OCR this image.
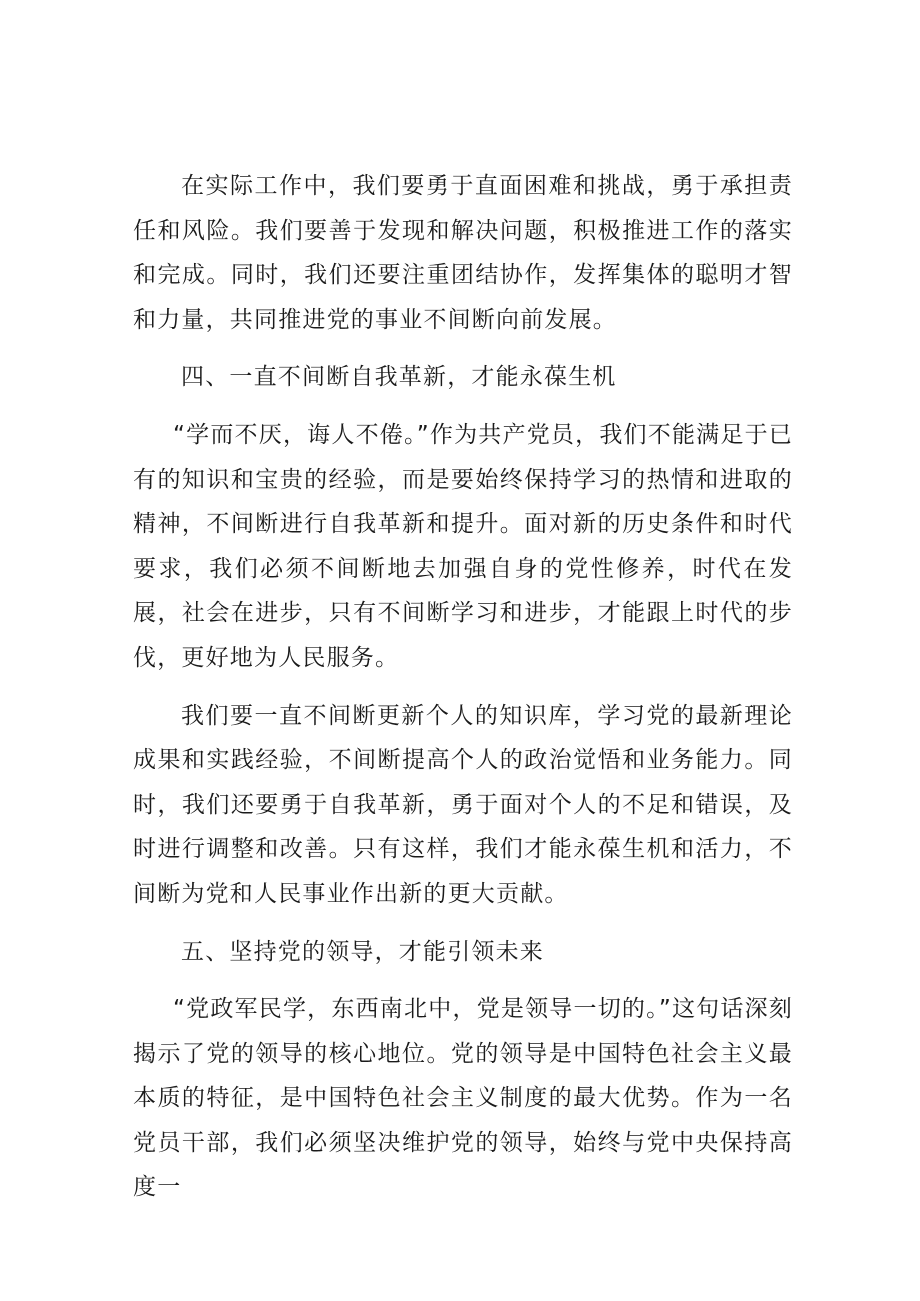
在实际工作中，我们要勇于直面困难和挑战，勇于承担责任和风险。我们要善于发现和解决问题，积极推进工作的落实和完成。同时，我们还要注重团结协作，发挥集体的聪明才智和力量，共同推进党的事业不间断向前发展。

四、一直不间断自我革新，才能永葆生机

“学而不厌，诲人不倦。”作为共产党员，我们不能满足于已有的知识和宝贵的经验，而是要始终保持学习的热情和进取的精神，不间断进行自我革新和提升。面对新的历史条件和时代要求，我们必须不间断地去加强自身的党性修养，时代在发展，社会在进步，只有不间断学习和进步，才能跟上时代的步伐，更好地为人民服务。

我们要一直不间断更新个人的知识库，学习党的最新理论成果和实践经验，不间断提高个人的政治觉悟和业务能力。同时，我们还要勇于自我革新，勇于面对个人的不足和错误，及时进行调整和改善。只有这样，我们才能永葆生机和活力，不间断为党和人民事业作出新的更大贡献。

五、坚持党的领导，才能引领未来

“党政军民学，东西南北中，党是领导一切的。”这句话深刻揭示了党的领导的核心地位。党的领导是中国特色社会主义最本质的特征，是中国特色社会主义制度的最大优势。作为一名党员干部，我们必须坚决维护党的领导，始终与党中央保持高度一
